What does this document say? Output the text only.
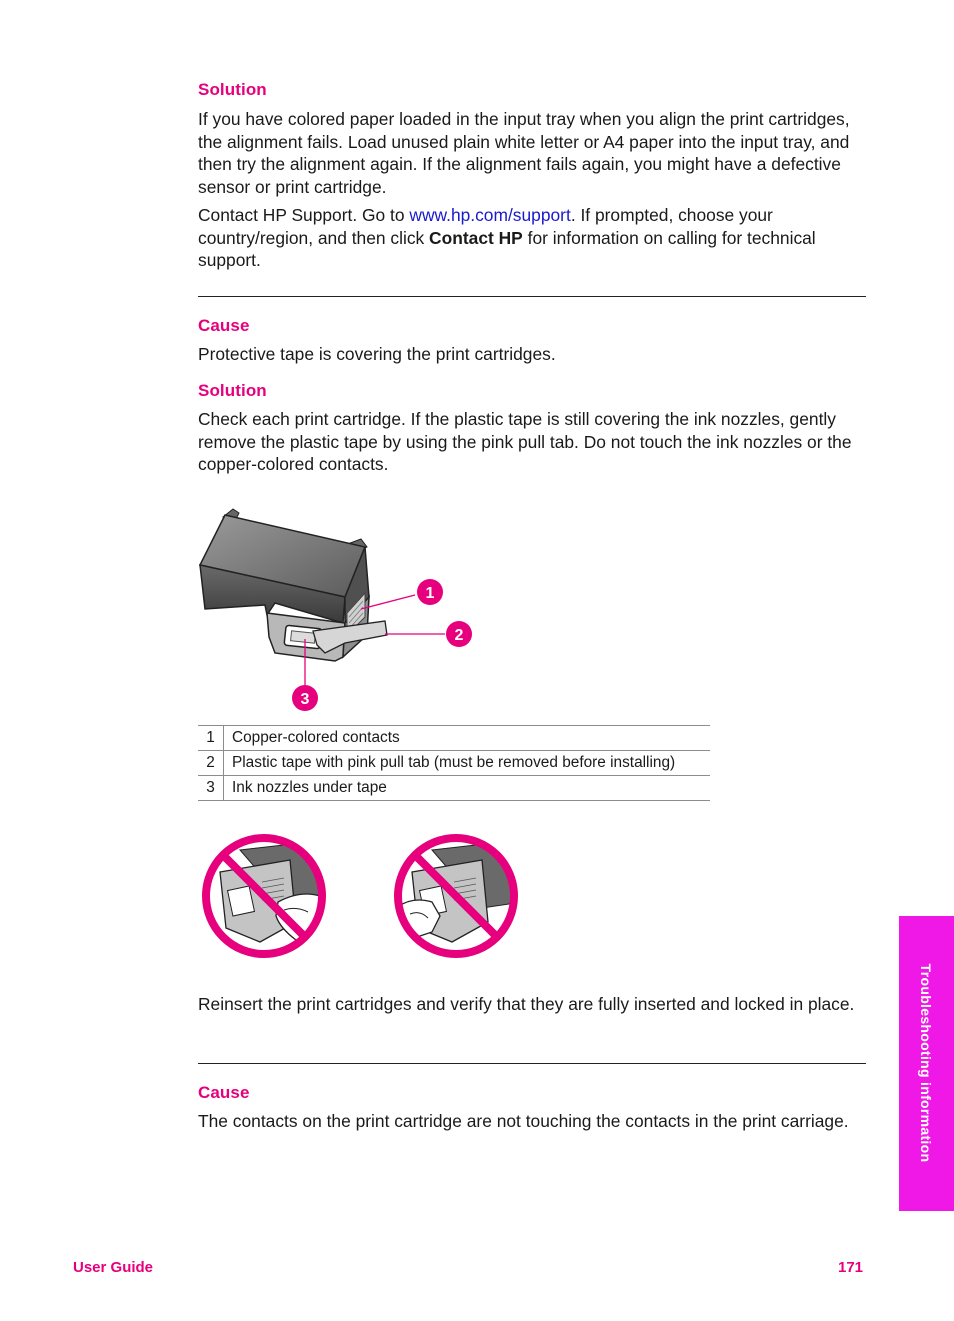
Solution
If you have colored paper loaded in the input tray when you align the print cartridges, the alignment fails. Load unused plain white letter or A4 paper into the input tray, and then try the alignment again. If the alignment fails again, you might have a defective sensor or print cartridge.
Contact HP Support. Go to www.hp.com/support. If prompted, choose your country/region, and then click Contact HP for information on calling for technical support.
Cause
Protective tape is covering the print cartridges.
Solution
Check each print cartridge. If the plastic tape is still covering the ink nozzles, gently remove the plastic tape by using the pink pull tab. Do not touch the ink nozzles or the copper-colored contacts.
1
2
3
1	Copper-colored contacts
2	Plastic tape with pink pull tab (must be removed before installing)
3	Ink nozzles under tape
Reinsert the print cartridges and verify that they are fully inserted and locked in place.
Cause
The contacts on the print cartridge are not touching the contacts in the print carriage.	Troubleshooting information
User Guide	171
